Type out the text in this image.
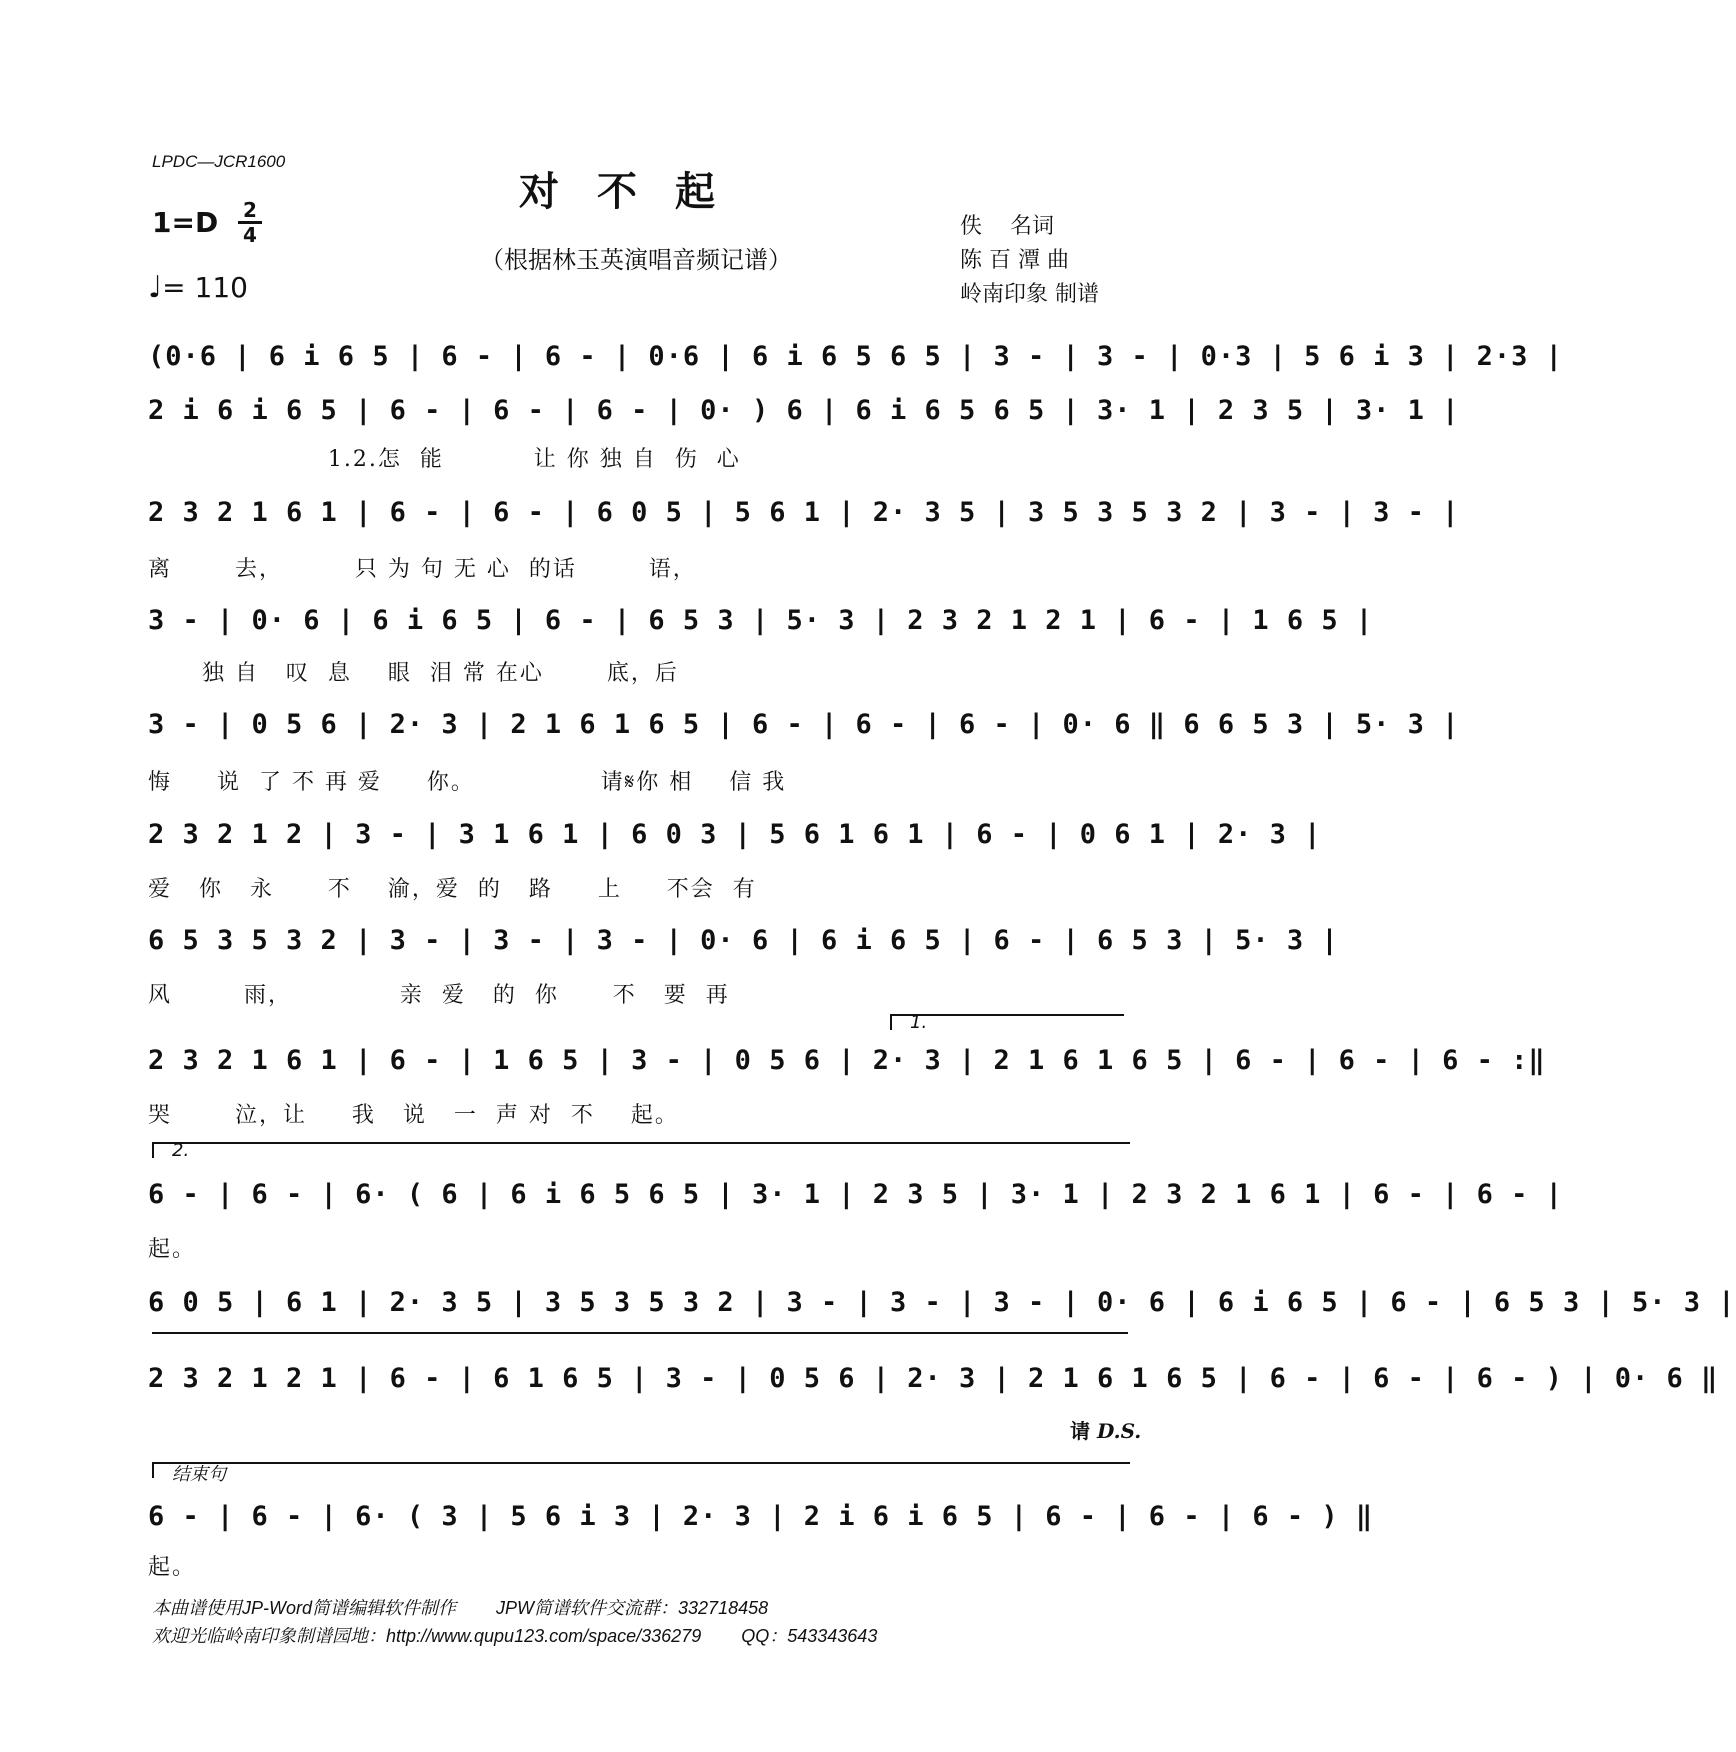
LPDC—JCR1600
对不起
（根据林玉英演唱音频记谱）
1=D 2
4
♩= 110
佚    名词
陈 百 潭 曲
岭南印象 制谱
(0·6 | 6 i 6 5 | 6 - | 6 - | 0·6 | 6 i 6 5 6 5 | 3 - | 3 - | 0·3 | 5 6 i 3 | 2·3 |
2 i 6 i 6 5 | 6 - | 6 - | 6 - | 0· ) 6 | 6 i 6 5 6 5 | 3· 1 | 2 3 5 | 3· 1 |
1.2.怎  能          让 你 独 自  伤  心
2 3 2 1 6 1 | 6 - | 6 - | 6 0 5 | 5 6 1 | 2· 3 5 | 3 5 3 5 3 2 | 3 - | 3 - |
离       去，        只 为 句 无 心  的话        语，
3 - | 0· 6 | 6 i 6 5 | 6 - | 6 5 3 | 5· 3 | 2 3 2 1 2 1 | 6 - | 1 6 5 |
独 自   叹  息    眼  泪 常 在心       底，后
3 - | 0 5 6 | 2· 3 | 2 1 6 1 6 5 | 6 - | 6 - | 6 - | 0· 6 ‖ 6 6 5 3 | 5· 3 |
悔     说  了 不 再 爱     你。              请𝄋你 相    信 我
2 3 2 1 2 | 3 - | 3 1 6 1 | 6 0 3 | 5 6 1 6 1 | 6 - | 0 6 1 | 2· 3 |
爱   你   永      不    渝，爱  的   路     上     不会  有
6 5 3 5 3 2 | 3 - | 3 - | 3 - | 0· 6 | 6 i 6 5 | 6 - | 6 5 3 | 5· 3 |
风        雨，            亲  爱   的  你      不   要  再
1.
2 3 2 1 6 1 | 6 - | 1 6 5 | 3 - | 0 5 6 | 2· 3 | 2 1 6 1 6 5 | 6 - | 6 - | 6 - :‖
哭       泣，让     我   说   一  声 对  不    起。
2.
6 - | 6 - | 6· ( 6 | 6 i 6 5 6 5 | 3· 1 | 2 3 5 | 3· 1 | 2 3 2 1 6 1 | 6 - | 6 - |
起。
6 0 5 | 6 1 | 2· 3 5 | 3 5 3 5 3 2 | 3 - | 3 - | 3 - | 0· 6 | 6 i 6 5 | 6 - | 6 5 3 | 5· 3 |
2 3 2 1 2 1 | 6 - | 6 1 6 5 | 3 - | 0 5 6 | 2· 3 | 2 1 6 1 6 5 | 6 - | 6 - | 6 - ) | 0· 6 ‖
请 D.S.
结束句
6 - | 6 - | 6· ( 3 | 5 6 i 3 | 2· 3 | 2 i 6 i 6 5 | 6 - | 6 - | 6 - ) ‖
起。
本曲谱使用JP-Word简谱编辑软件制作 JPW简谱软件交流群：332718458
欢迎光临岭南印象制谱园地：http://www.qupu123.com/space/336279 QQ：543343643
